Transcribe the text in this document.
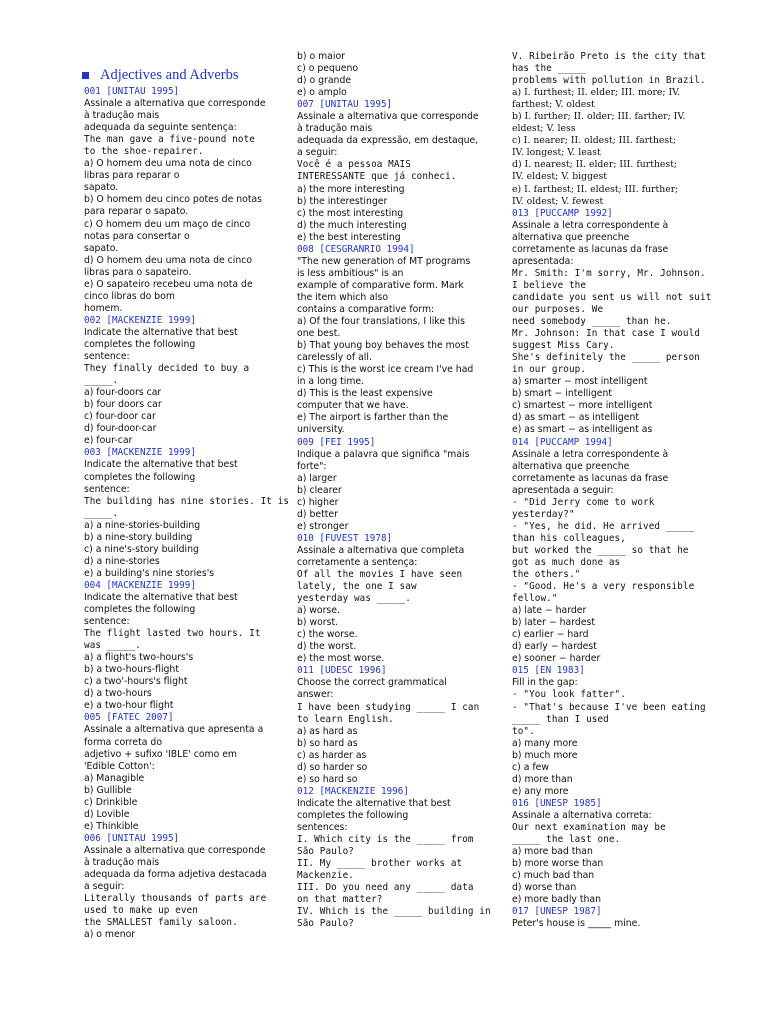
Adjectives and Adverbs
001 [UNITAU 1995]
Assinale a alternativa que corresponde
à tradução mais
adequada da seguinte sentença:
The man gave a five-pound note
to the shoe-repairer.
a) O homem deu uma nota de cinco
libras para reparar o
sapato.
b) O homem deu cinco potes de notas
para reparar o sapato.
c) O homem deu um maço de cinco
notas para consertar o
sapato.
d) O homem deu uma nota de cinco
libras para o sapateiro.
e) O sapateiro recebeu uma nota de
cinco libras do bom
homem.
002 [MACKENZIE 1999]
Indicate the alternative that best
completes the following
sentence:
They finally decided to buy a
_____.
a) four-doors car
b) four doors car
c) four-door car
d) four-door-car
e) four-car
003 [MACKENZIE 1999]
Indicate the alternative that best
completes the following
sentence:
The building has nine stories. It is
_____.
a) a nine-stories-building
b) a nine-story building
c) a nine's-story building
d) a nine-stories
e) a building's nine stories's
004 [MACKENZIE 1999]
Indicate the alternative that best
completes the following
sentence:
The flight lasted two hours. It
was _____.
a) a flight's two-hours's
b) a two-hours-flight
c) a two'-hours's flight
d) a two-hours
e) a two-hour flight
005 [FATEC 2007]
Assinale a alternativa que apresenta a
forma correta do
adjetivo + sufixo 'IBLE' como em
'Edible Cotton':
a) Managible
b) Gullible
c) Drinkible
d) Lovible
e) Thinkible
006 [UNITAU 1995]
Assinale a alternativa que corresponde
à tradução mais
adequada da forma adjetiva destacada
a seguir:
Literally thousands of parts are
used to make up even
the SMALLEST family saloon.
a) o menor
b) o maior
c) o pequeno
d) o grande
e) o amplo
007 [UNITAU 1995]
Assinale a alternativa que corresponde
à tradução mais
adequada da expressão, em destaque,
a seguir:
Você é a pessoa MAIS
INTERESSANTE que já conheci.
a) the more interesting
b) the interestinger
c) the most interesting
d) the much interesting
e) the best interesting
008 [CESGRANRIO 1994]
"The new generation of MT programs
is less ambitious" is an
example of comparative form. Mark
the item which also
contains a comparative form:
a) Of the four translations, I like this
one best.
b) That young boy behaves the most
carelessly of all.
c) This is the worst ice cream I've had
in a long time.
d) This is the least expensive
computer that we have.
e) The airport is farther than the
university.
009 [FEI 1995]
Indique a palavra que significa "mais
forte":
a) larger
b) clearer
c) higher
d) better
e) stronger
010 [FUVEST 1978]
Assinale a alternativa que completa
corretamente a sentença:
Of all the movies I have seen
lately, the one I saw
yesterday was _____.
a) worse.
b) worst.
c) the worse.
d) the worst.
e) the most worse.
011 [UDESC 1996]
Choose the correct grammatical
answer:
I have been studying _____ I can
to learn English.
a) as hard as
b) so hard as
c) as harder as
d) so harder so
e) so hard so
012 [MACKENZIE 1996]
Indicate the alternative that best
completes the following
sentences:
I. Which city is the _____ from
São Paulo?
II. My _____ brother works at
Mackenzie.
III. Do you need any _____ data
on that matter?
IV. Which is the _____ building in
São Paulo?
V. Ribeirão Preto is the city that
has the _____
problems with pollution in Brazil.
a) I. furthest; II. elder; III. more; IV.
farthest; V. oldest
b) I. further; II. older; III. farther; IV.
eldest; V. less
c) I. nearer; II. oldest; III. farthest;
IV. longest; V. least
d) I. nearest; II. elder; III. furthest;
IV. eldest; V. biggest
e) I. farthest; II. eldest; III. further;
IV. oldest; V. fewest
013 [PUCCAMP 1992]
Assinale a letra correspondente à
alternativa que preenche
corretamente as lacunas da frase
apresentada:
Mr. Smith: I'm sorry, Mr. Johnson.
I believe the
candidate you sent us will not suit
our purposes. We
need somebody _____ than he.
Mr. Johnson: In that case I would
suggest Miss Cary.
She's definitely the _____ person
in our group.
a) smarter − most intelligent
b) smart − intelligent
c) smartest − more intelligent
d) as smart − as intelligent
e) as smart − as intelligent as
014 [PUCCAMP 1994]
Assinale a letra correspondente à
alternativa que preenche
corretamente as lacunas da frase
apresentada a seguir:
- "Did Jerry come to work
yesterday?"
- "Yes, he did. He arrived _____
than his colleagues,
but worked the _____ so that he
got as much done as
the others."
- "Good. He's a very responsible
fellow."
a) late − harder
b) later − hardest
c) earlier − hard
d) early − hardest
e) sooner − harder
015 [EN 1983]
Fill in the gap:
- "You look fatter".
- "That's because I've been eating
_____ than I used
to".
a) many more
b) much more
c) a few
d) more than
e) any more
016 [UNESP 1985]
Assinale a alternativa correta:
Our next examination may be
_____ the last one.
a) more bad than
b) more worse than
c) much bad than
d) worse than
e) more badly than
017 [UNESP 1987]
Peter's house is _____ mine.
